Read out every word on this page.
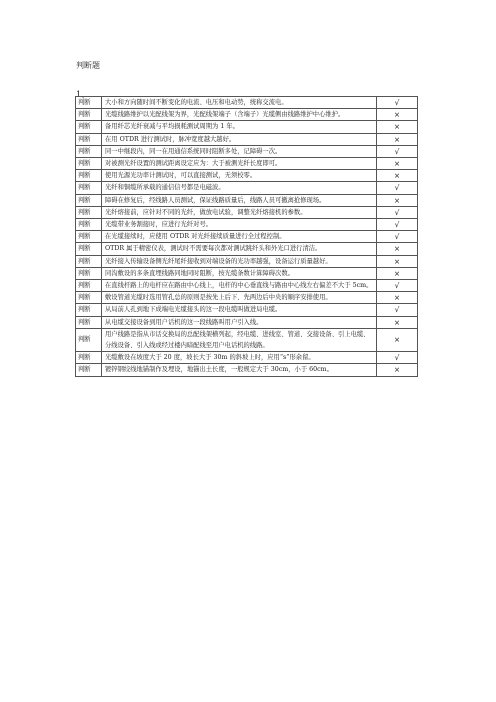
判断题
1、
判断	大小和方向随时间不断变化的电流、电压和电动势，统称交流电。	√
判断	光缆线路维护以光配线架为界，光配线架端子（含端子）光缆侧由线路维护中心维护。	×
判断	备用纤芯光纤衰减与平均损耗测试周期为 1 年。	×
判断	在用 OTDR 进行测试时，脉冲宽度越大越好。	×
判断	同一中继段内，同一在用通信系统同时阻断多处，记障碍一次。	√
判断	对被测光纤设置的测试距离设定应为：大于被测光纤长度即可。	×
判断	使用光源光功率计测试时，可以直接测试，无须校零。	×
判断	光纤和铜缆所承载的通信信号都是电磁波。	√
判断	障碍在修复后，经线路人员测试，保证线路质量后，线路人员可撤离抢修现场。	×
判断	光纤熔接前，应针对不同的光纤，做放电试验，调整光纤熔接机的参数。	√
判断	光缆带业务割接时，应进行光纤对号。	√
判断	在光缆接续时，应使用 OTDR 对光纤接续质量进行全过程控制。	√
判断	OTDR 属于精密仪表，测试时不需要每次都对测试跳纤头和外光口进行清洁。	×
判断	光纤接入传输设备侧光纤尾纤接收到对端设备的光功率越强，设备运行质量越好。	×
判断	同沟敷设的多条直埋线路同地同时阻断，按光缆条数计算障碍次数。	×
判断	在直线杆路上的电杆应在路由中心线上，电杆的中心垂直线与路由中心线左右偏差不大于 5cm。	√
判断	敷设管道光缆时选用管孔总的原则是按先上后下、先两边后中央的顺序安排使用。	×
判断	从局前人孔到地下成端电光缆接头的这一段电缆叫做进局电缆。	√
判断	从电缆交接设备到用户话机的这一段线路叫用户引入线。	×
判断	用户线路是指从市话交换局的总配线架横列起，经电缆、进线室、管道、交接设备、引上电缆、分线设备、引入线或经过楼内暗配线至用户电话机的线路。	×
判断	光缆敷设在坡度大于 20 度，坡长大于 30m 的斜坡上时，应用“s”形余留。	√
判断	镀锌钢绞线地锚制作及埋设，地锚出土长度，一般规定大于 30cm，小于 60cm。	×
